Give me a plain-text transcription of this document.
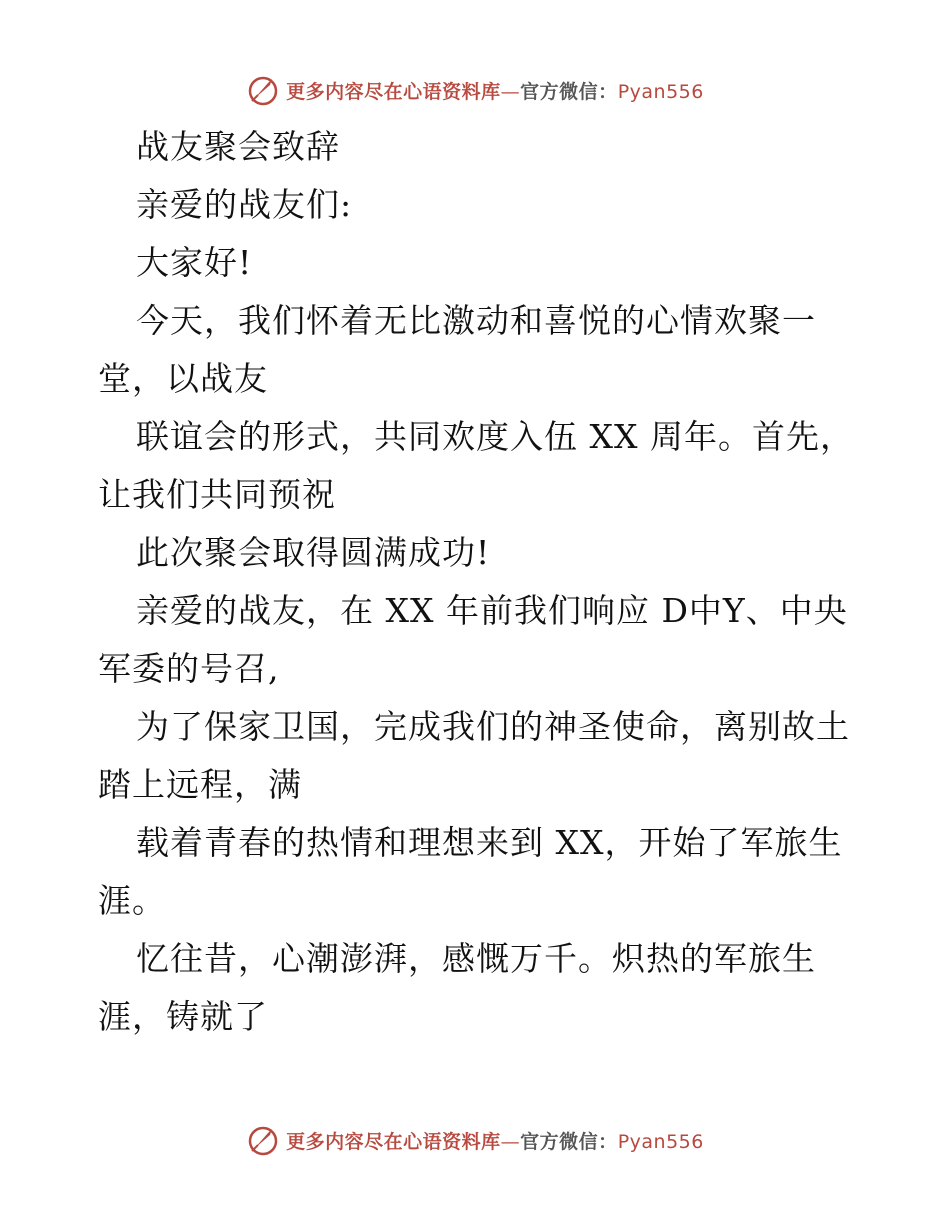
更多内容尽在心语资料库—官方微信：Pyan556
战友聚会致辞
亲爱的战友们:
大家好!
今天，我们怀着无比激动和喜悦的心情欢聚一
堂，以战友
联谊会的形式，共同欢度入伍 XX 周年。首先，
让我们共同预祝
此次聚会取得圆满成功!
亲爱的战友，在 XX 年前我们响应 D中Y、中央
军委的号召,
为了保家卫国，完成我们的神圣使命，离别故土
踏上远程，满
载着青春的热情和理想来到 XX，开始了军旅生
涯。
忆往昔，心潮澎湃，感慨万千。炽热的军旅生
涯，铸就了
更多内容尽在心语资料库—官方微信：Pyan556
